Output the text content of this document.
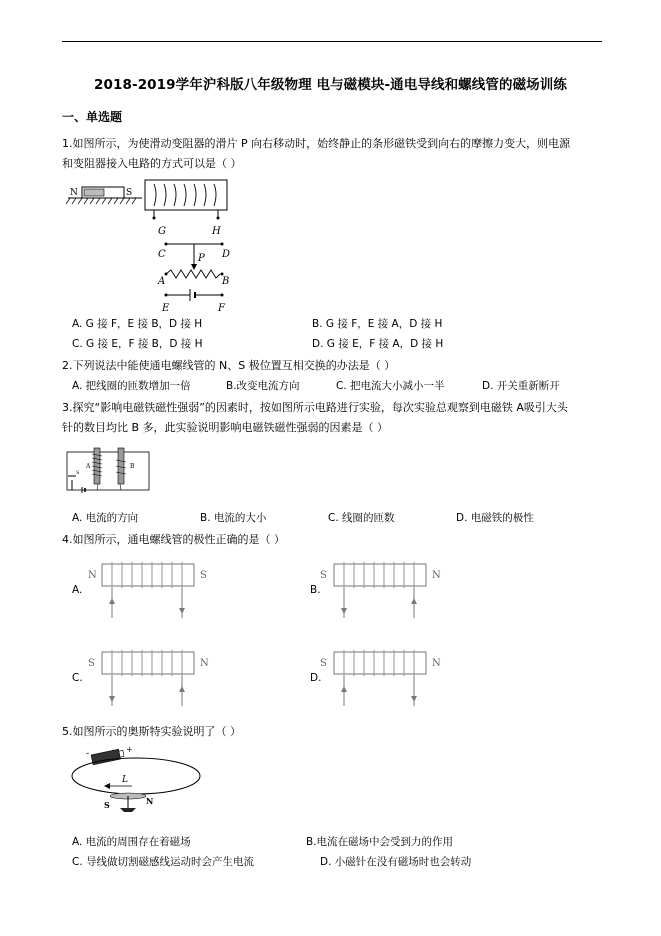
2018-2019学年沪科版八年级物理 电与磁模块-通电导线和螺线管的磁场训练
一、单选题
1.如图所示，为使滑动变阻器的滑片 P 向右移动时，始终静止的条形磁铁受到向右的摩擦力变大，则电源
和变阻器接入电路的方式可以是（ ）
N	S
G	H
C	D
P
A	B
E	F
A. G 接 F，E 接 B，D 接 H	B. G 接 F，E 接 A，D 接 H
C. G 接 E，F 接 B，D 接 H	D. G 接 E，F 接 A，D 接 H
2.下列说法中能使通电螺线管的 N、S 极位置互相交换的办法是（ ）
A. 把线圈的匝数增加一倍	B.改变电流方向	C. 把电流大小减小一半	D. 开关重新断开
3.探究“影响电磁铁磁性强弱”的因素时，按如图所示电路进行实验，每次实验总观察到电磁铁 A吸引大头
针的数目均比 B 多，此实验说明影响电磁铁磁性强弱的因素是（ ）
A	B
S
A. 电流的方向	B. 电流的大小	C. 线圈的匝数	D. 电磁铁的极性
4.如图所示，通电螺线管的极性正确的是（ ）
A.
N	S
B.
S	N
C.
S	N
D.
S	N
5.如图所示的奥斯特实验说明了（ ）
-	+
L
S	N
A. 电流的周围存在着磁场	B.电流在磁场中会受到力的作用
C. 导线做切割磁感线运动时会产生电流	D. 小磁针在没有磁场时也会转动
